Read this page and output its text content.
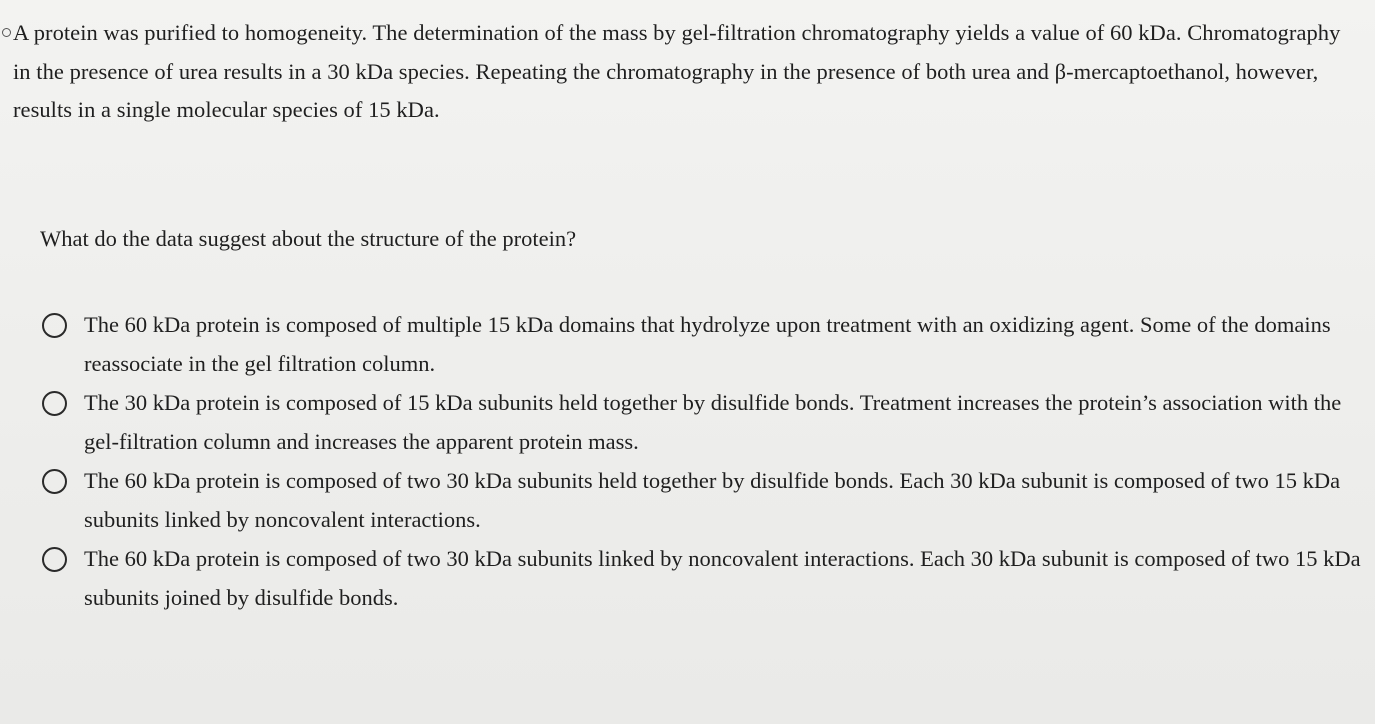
A protein was purified to homogeneity. The determination of the mass by gel-filtration chromatography yields a value of 60 kDa. Chromatography in the presence of urea results in a 30 kDa species. Repeating the chromatography in the presence of both urea and β-mercaptoethanol, however, results in a single molecular species of 15 kDa.
What do the data suggest about the structure of the protein?
The 60 kDa protein is composed of multiple 15 kDa domains that hydrolyze upon treatment with an oxidizing agent. Some of the domains reassociate in the gel filtration column.
The 30 kDa protein is composed of 15 kDa subunits held together by disulfide bonds. Treatment increases the protein’s association with the gel-filtration column and increases the apparent protein mass.
The 60 kDa protein is composed of two 30 kDa subunits held together by disulfide bonds. Each 30 kDa subunit is composed of two 15 kDa subunits linked by noncovalent interactions.
The 60 kDa protein is composed of two 30 kDa subunits linked by noncovalent interactions. Each 30 kDa subunit is composed of two 15 kDa subunits joined by disulfide bonds.
